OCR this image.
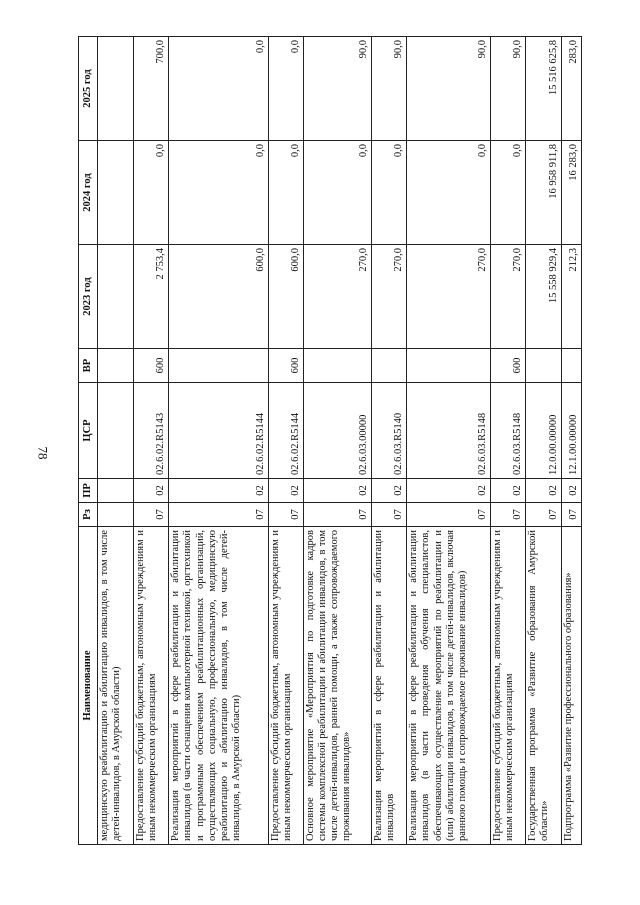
78
Наименование	Рз	ПР	ЦСР	ВР	2023 год	2024 год	2025 год
медицинскую реабилитацию и абилитацию инвалидов, в том числе детей-инвалидов, в Амурской области)							
Предоставление субсидий бюджетным, автономным учреждениям и иным некоммерческим организациям	07	02	02.6.02.R5143	600	2 753,4	0,0	700,0
Реализация мероприятий в сфере реабилитации и абилитации инвалидов (в части оснащения компьютерной техникой, оргтехникой и программным обеспечением реабилитационных организаций, осуществляющих социальную, профессиональную, медицинскую реабилитацию и абилитацию инвалидов, в том числе детей-инвалидов, в Амурской области)	07	02	02.6.02.R5144		600,0	0,0	0,0
Предоставление субсидий бюджетным, автономным учреждениям и иным некоммерческим организациям	07	02	02.6.02.R5144	600	600,0	0,0	0,0
Основное мероприятие «Мероприятия по подготовке кадров системы комплексной реабилитации и абилитации инвалидов, в том числе детей-инвалидов, ранней помощи, а также сопровождаемого проживания инвалидов»	07	02	02.6.03.00000		270,0	0,0	90,0
Реализация мероприятий в сфере реабилитации и абилитации инвалидов	07	02	02.6.03.R5140		270,0	0,0	90,0
Реализация мероприятий в сфере реабилитации и абилитации инвалидов (в части проведения обучения специалистов, обеспечивающих осуществление мероприятий по реабилитации и (или) абилитации инвалидов, в том числе детей-инвалидов, включая раннюю помощь и сопровождаемое проживание инвалидов)	07	02	02.6.03.R5148		270,0	0,0	90,0
Предоставление субсидий бюджетным, автономным учреждениям и иным некоммерческим организациям	07	02	02.6.03.R5148	600	270,0	0,0	90,0
Государственная программа «Развитие образования Амурской области»	07	02	12.0.00.00000		15 558 929,4	16 958 911,8	15 516 625,8
Подпрограмма «Развитие профессионального образования»	07	02	12.1.00.00000		212,3	16 283,0	283,0
